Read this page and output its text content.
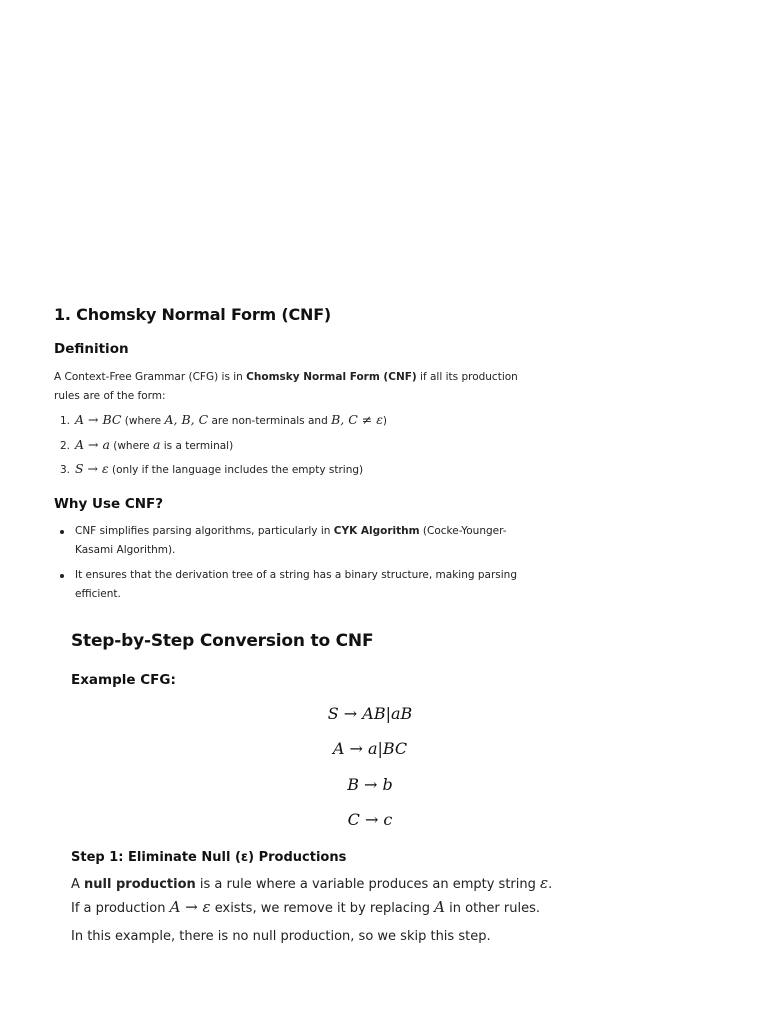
1. Chomsky Normal Form (CNF)
Definition
A Context-Free Grammar (CFG) is in Chomsky Normal Form (CNF) if all its production rules are of the form:
1. A → BC (where A, B, C are non-terminals and B, C ≠ ε)
2. A → a (where a is a terminal)
3. S → ε (only if the language includes the empty string)
Why Use CNF?
CNF simplifies parsing algorithms, particularly in CYK Algorithm (Cocke-Younger-Kasami Algorithm).
It ensures that the derivation tree of a string has a binary structure, making parsing efficient.
Step-by-Step Conversion to CNF
Example CFG:
S → AB|aB
A → a|BC
B → b
C → c
Step 1: Eliminate Null (ε) Productions
A null production is a rule where a variable produces an empty string ε.
If a production A → ε exists, we remove it by replacing A in other rules.
In this example, there is no null production, so we skip this step.
